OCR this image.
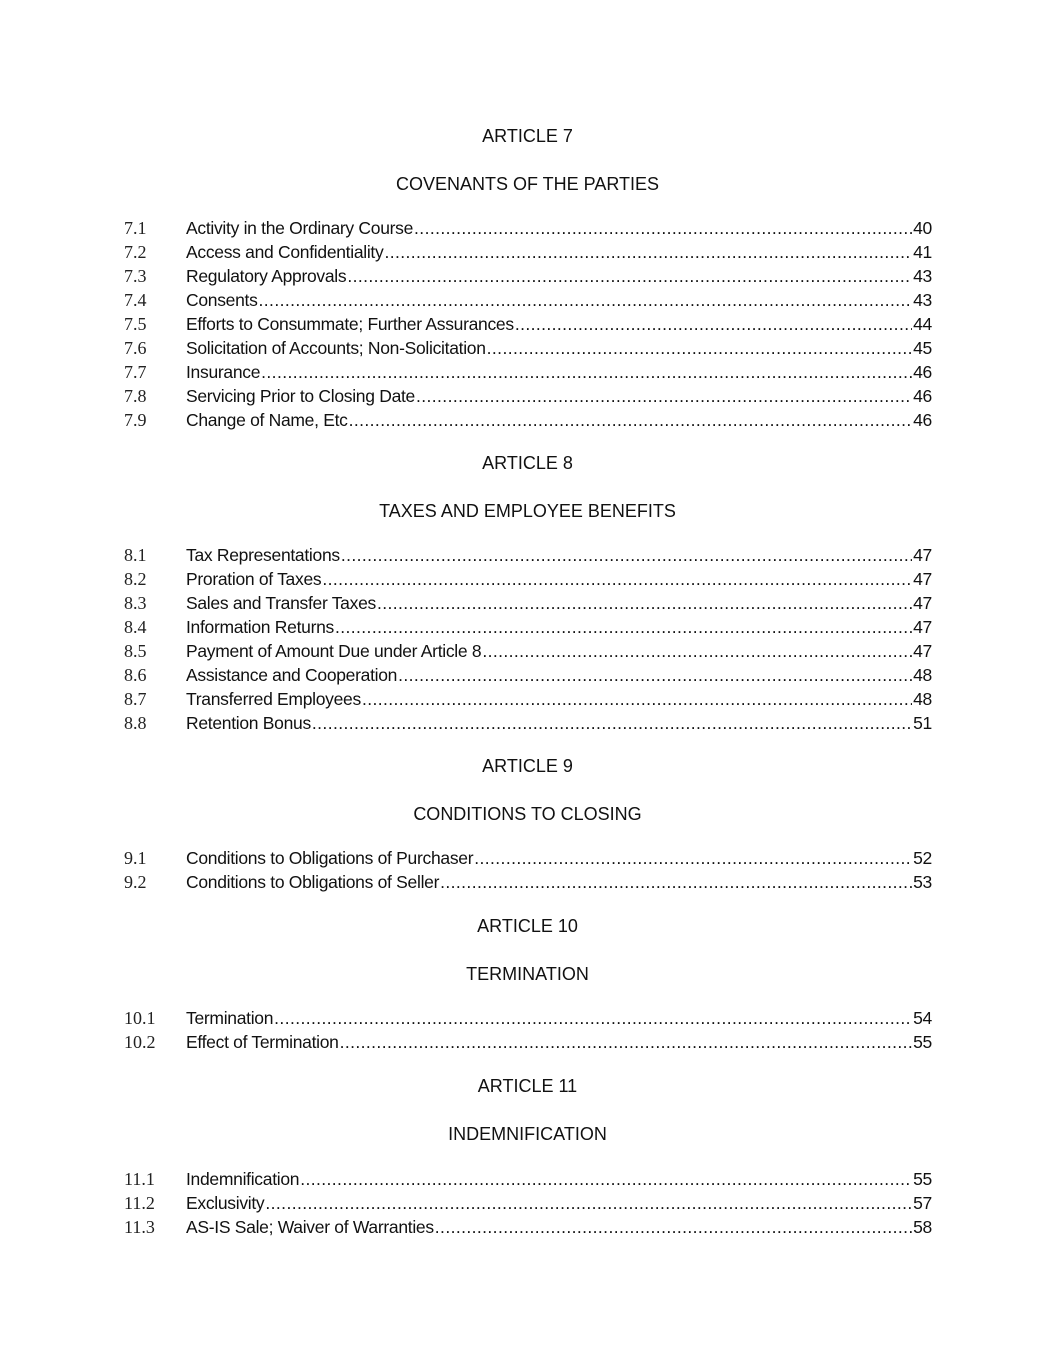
ARTICLE 7
COVENANTS OF THE PARTIES
7.1	Activity in the Ordinary Course .....	40
7.2	Access and Confidentiality .....	41
7.3	Regulatory Approvals .....	43
7.4	Consents .....	43
7.5	Efforts to Consummate; Further Assurances .....	44
7.6	Solicitation of Accounts; Non-Solicitation .....	45
7.7	Insurance .....	46
7.8	Servicing Prior to Closing Date .....	46
7.9	Change of Name, Etc .....	46
ARTICLE 8
TAXES AND EMPLOYEE BENEFITS
8.1	Tax Representations .....	47
8.2	Proration of Taxes .....	47
8.3	Sales and Transfer Taxes .....	47
8.4	Information Returns .....	47
8.5	Payment of Amount Due under Article 8 .....	47
8.6	Assistance and Cooperation .....	48
8.7	Transferred Employees .....	48
8.8	Retention Bonus .....	51
ARTICLE 9
CONDITIONS TO CLOSING
9.1	Conditions to Obligations of Purchaser .....	52
9.2	Conditions to Obligations of Seller .....	53
ARTICLE 10
TERMINATION
10.1	Termination .....	54
10.2	Effect of Termination .....	55
ARTICLE 11
INDEMNIFICATION
11.1	Indemnification .....	55
11.2	Exclusivity .....	57
11.3	AS-IS Sale; Waiver of Warranties .....	58
